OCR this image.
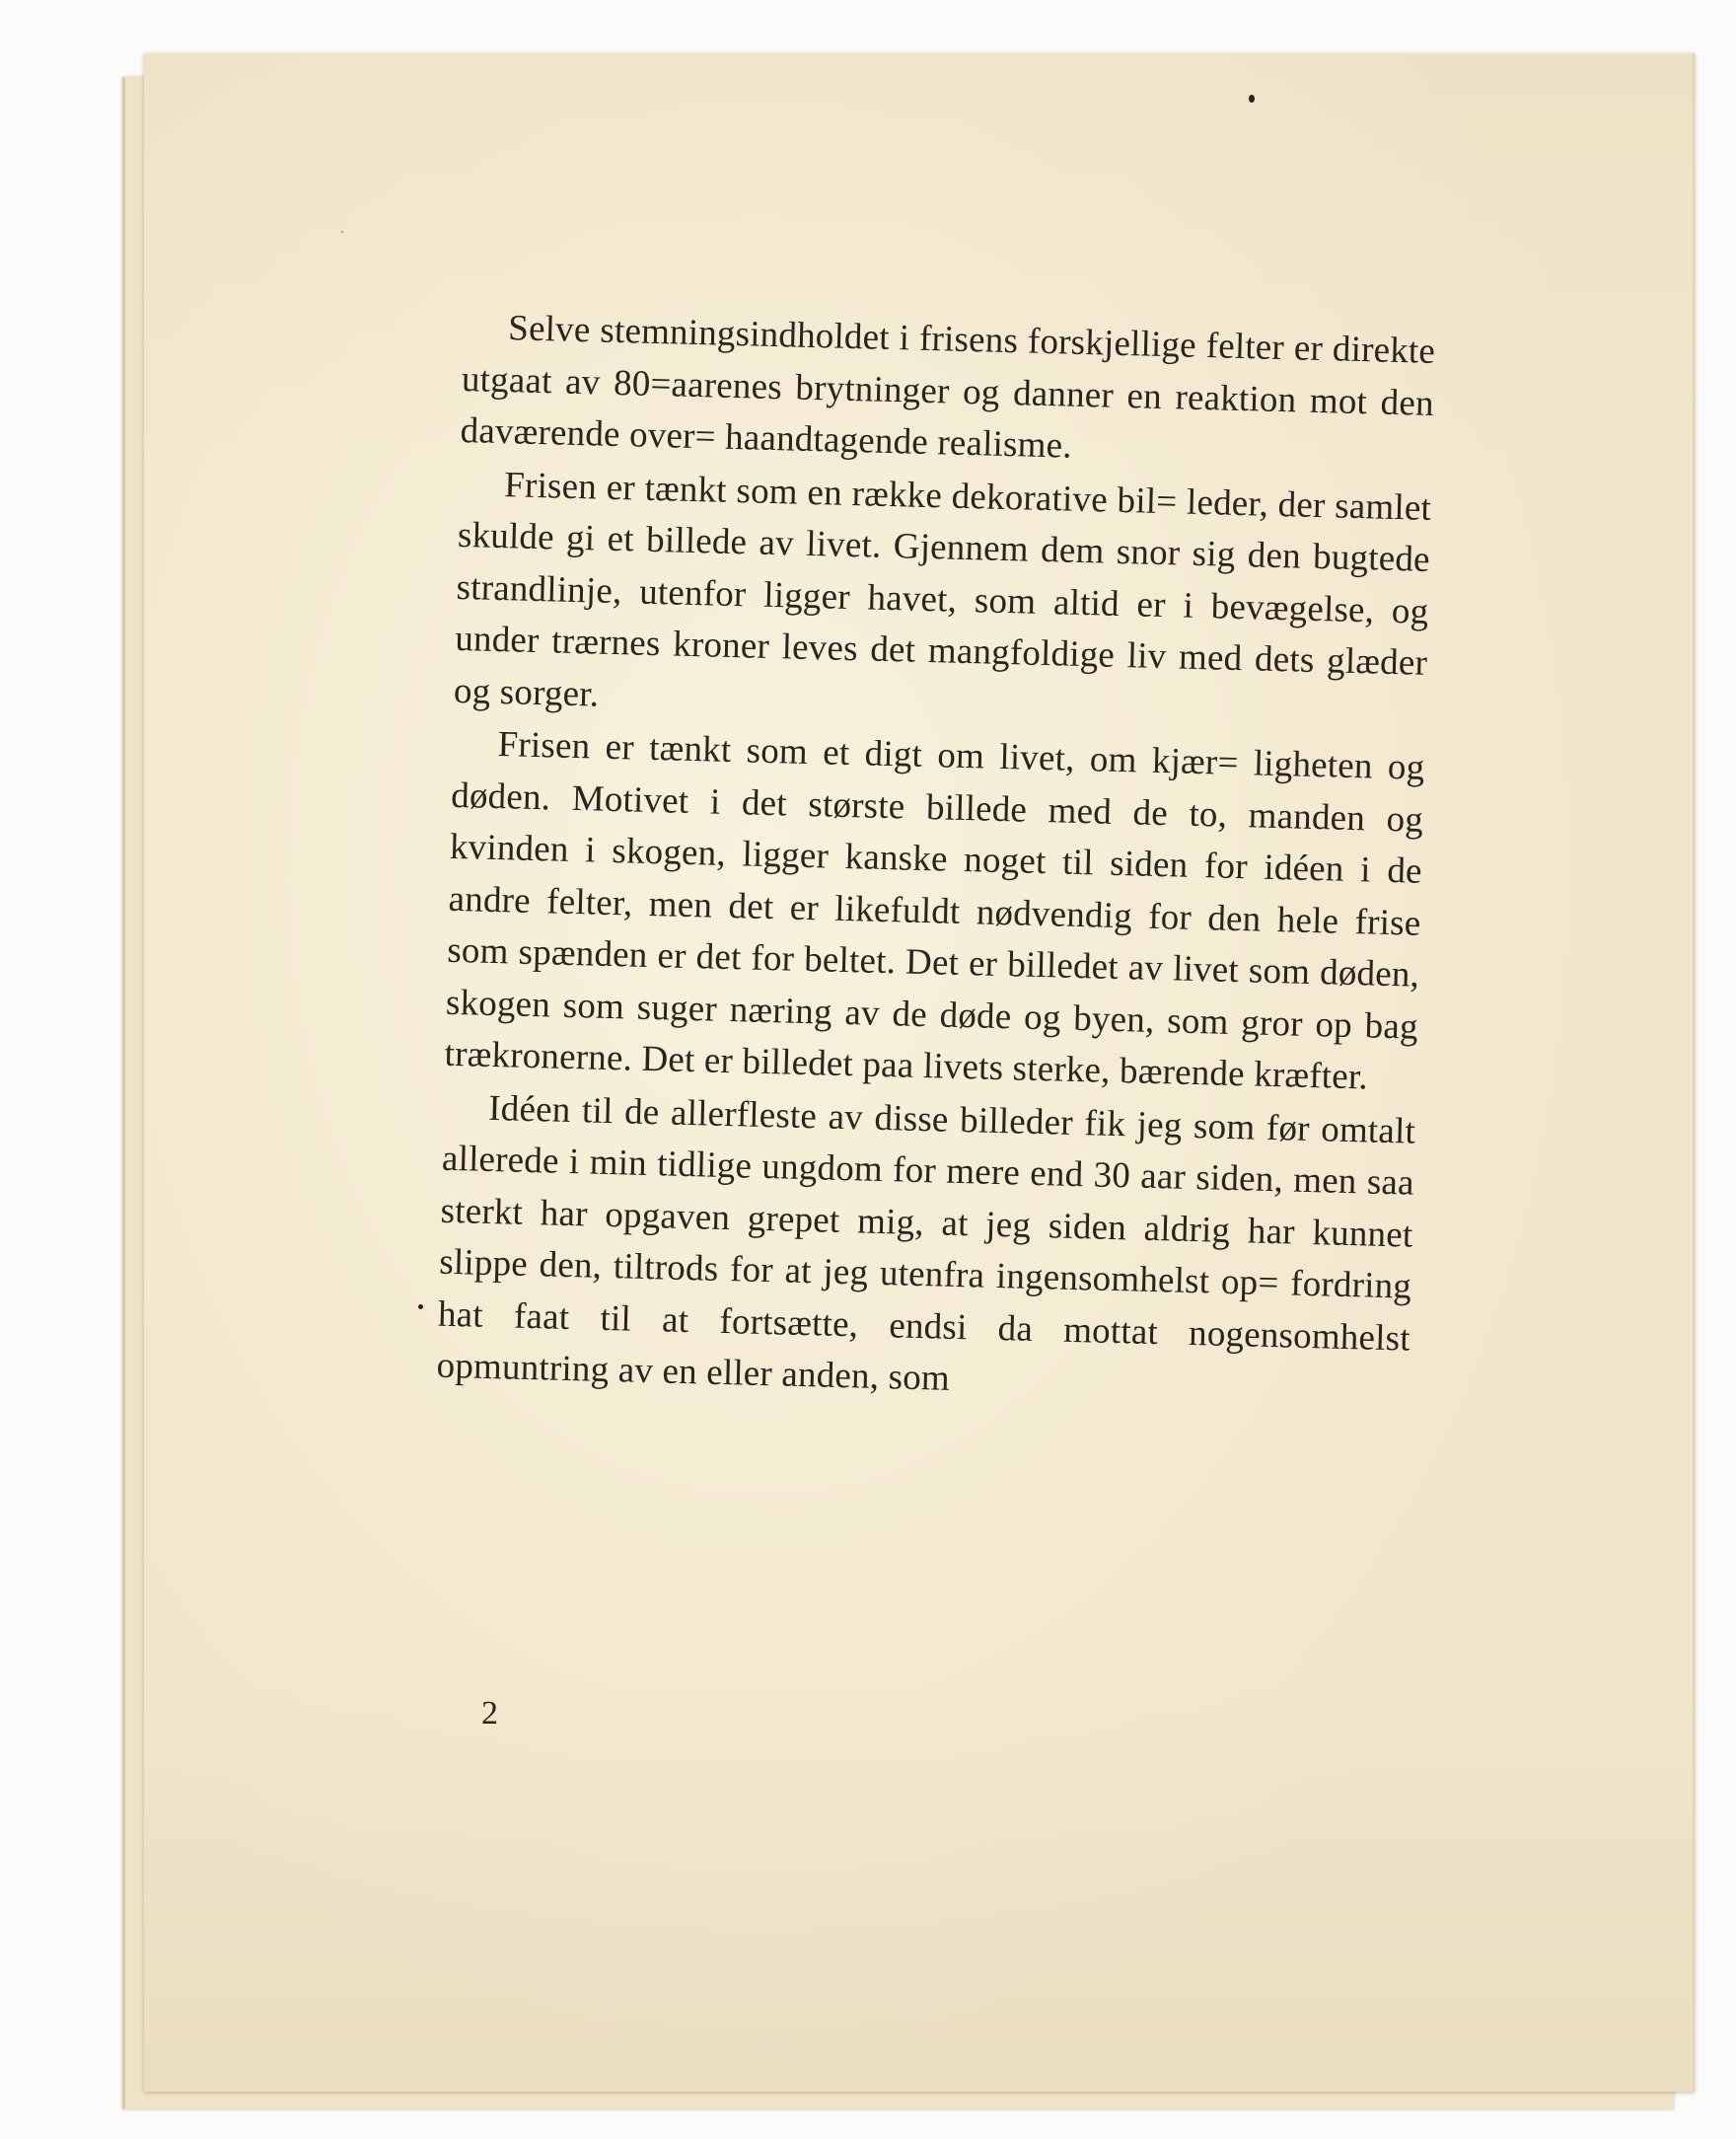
Selve stemningsindholdet i frisens forskjellige felter er direkte utgaat av 80=aarenes brytninger og danner en reaktion mot den daværende over= haandtagende realisme.

Frisen er tænkt som en række dekorative bil= leder, der samlet skulde gi et billede av livet. Gjennem dem snor sig den bugtede strandlinje, utenfor ligger havet, som altid er i bevægelse, og under trærnes kroner leves det mangfoldige liv med dets glæder og sorger.

Frisen er tænkt som et digt om livet, om kjær= ligheten og døden. Motivet i det største billede med de to, manden og kvinden i skogen, ligger kanske noget til siden for idéen i de andre felter, men det er likefuldt nødvendig for den hele frise som spænden er det for beltet. Det er billedet av livet som døden, skogen som suger næring av de døde og byen, som gror op bag trækronerne. Det er billedet paa livets sterke, bærende kræfter.

Idéen til de allerfleste av disse billeder fik jeg som før omtalt allerede i min tidlige ungdom for mere end 30 aar siden, men saa sterkt har opgaven grepet mig, at jeg siden aldrig har kunnet slippe den, tiltrods for at jeg utenfra ingensomhelst op= fordring hat faat til at fortsætte, endsi da mottat nogensomhelst opmuntring av en eller anden, som

2
